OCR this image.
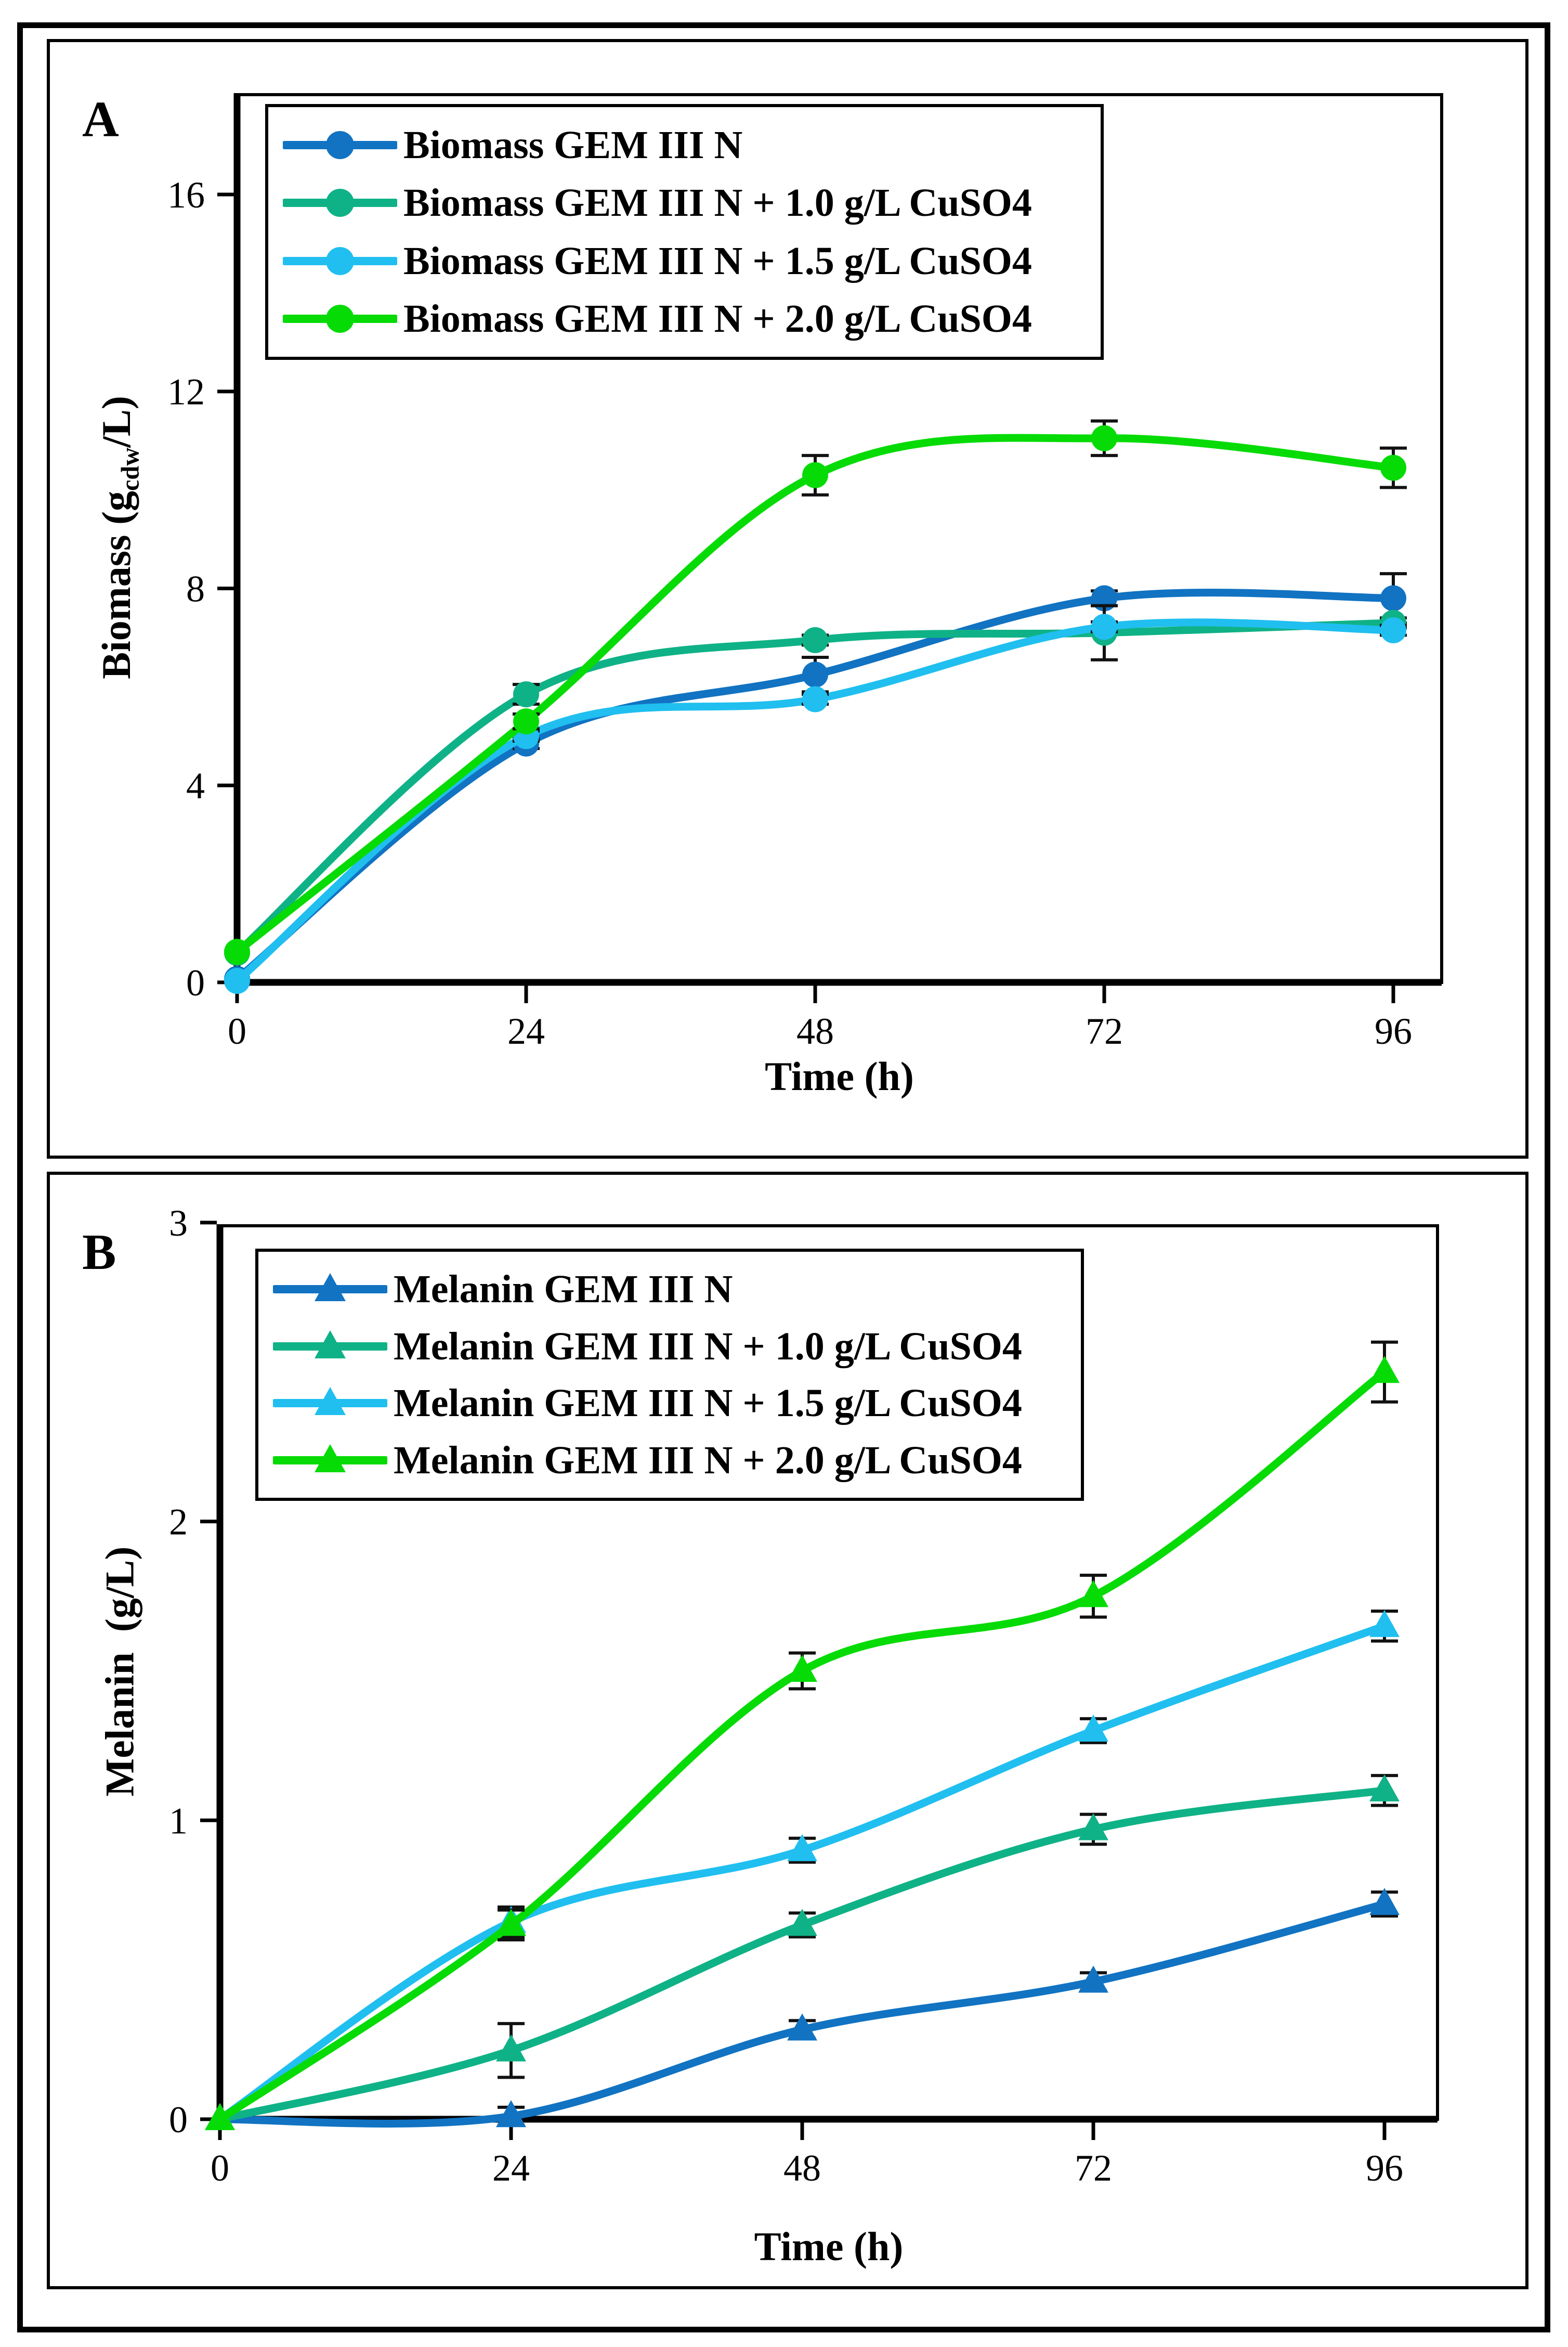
0
4
8
12
16
0	24	48	72	96
A
Biomass $(g_{cdw}/L)$
Time (h)
Biomass GEM III N
Biomass GEM III N + 1.0 g/L CuSO4
Biomass GEM III N + 1.5 g/L CuSO4
Biomass GEM III N + 2.0 g/L CuSO4
0
1
2
3
0	24	48	72	96
B
Melanin  (g/L)
Time (h)
Melanin GEM III N
Melanin GEM III N + 1.0 g/L CuSO4
Melanin GEM III N + 1.5 g/L CuSO4
Melanin GEM III N + 2.0 g/L CuSO4
